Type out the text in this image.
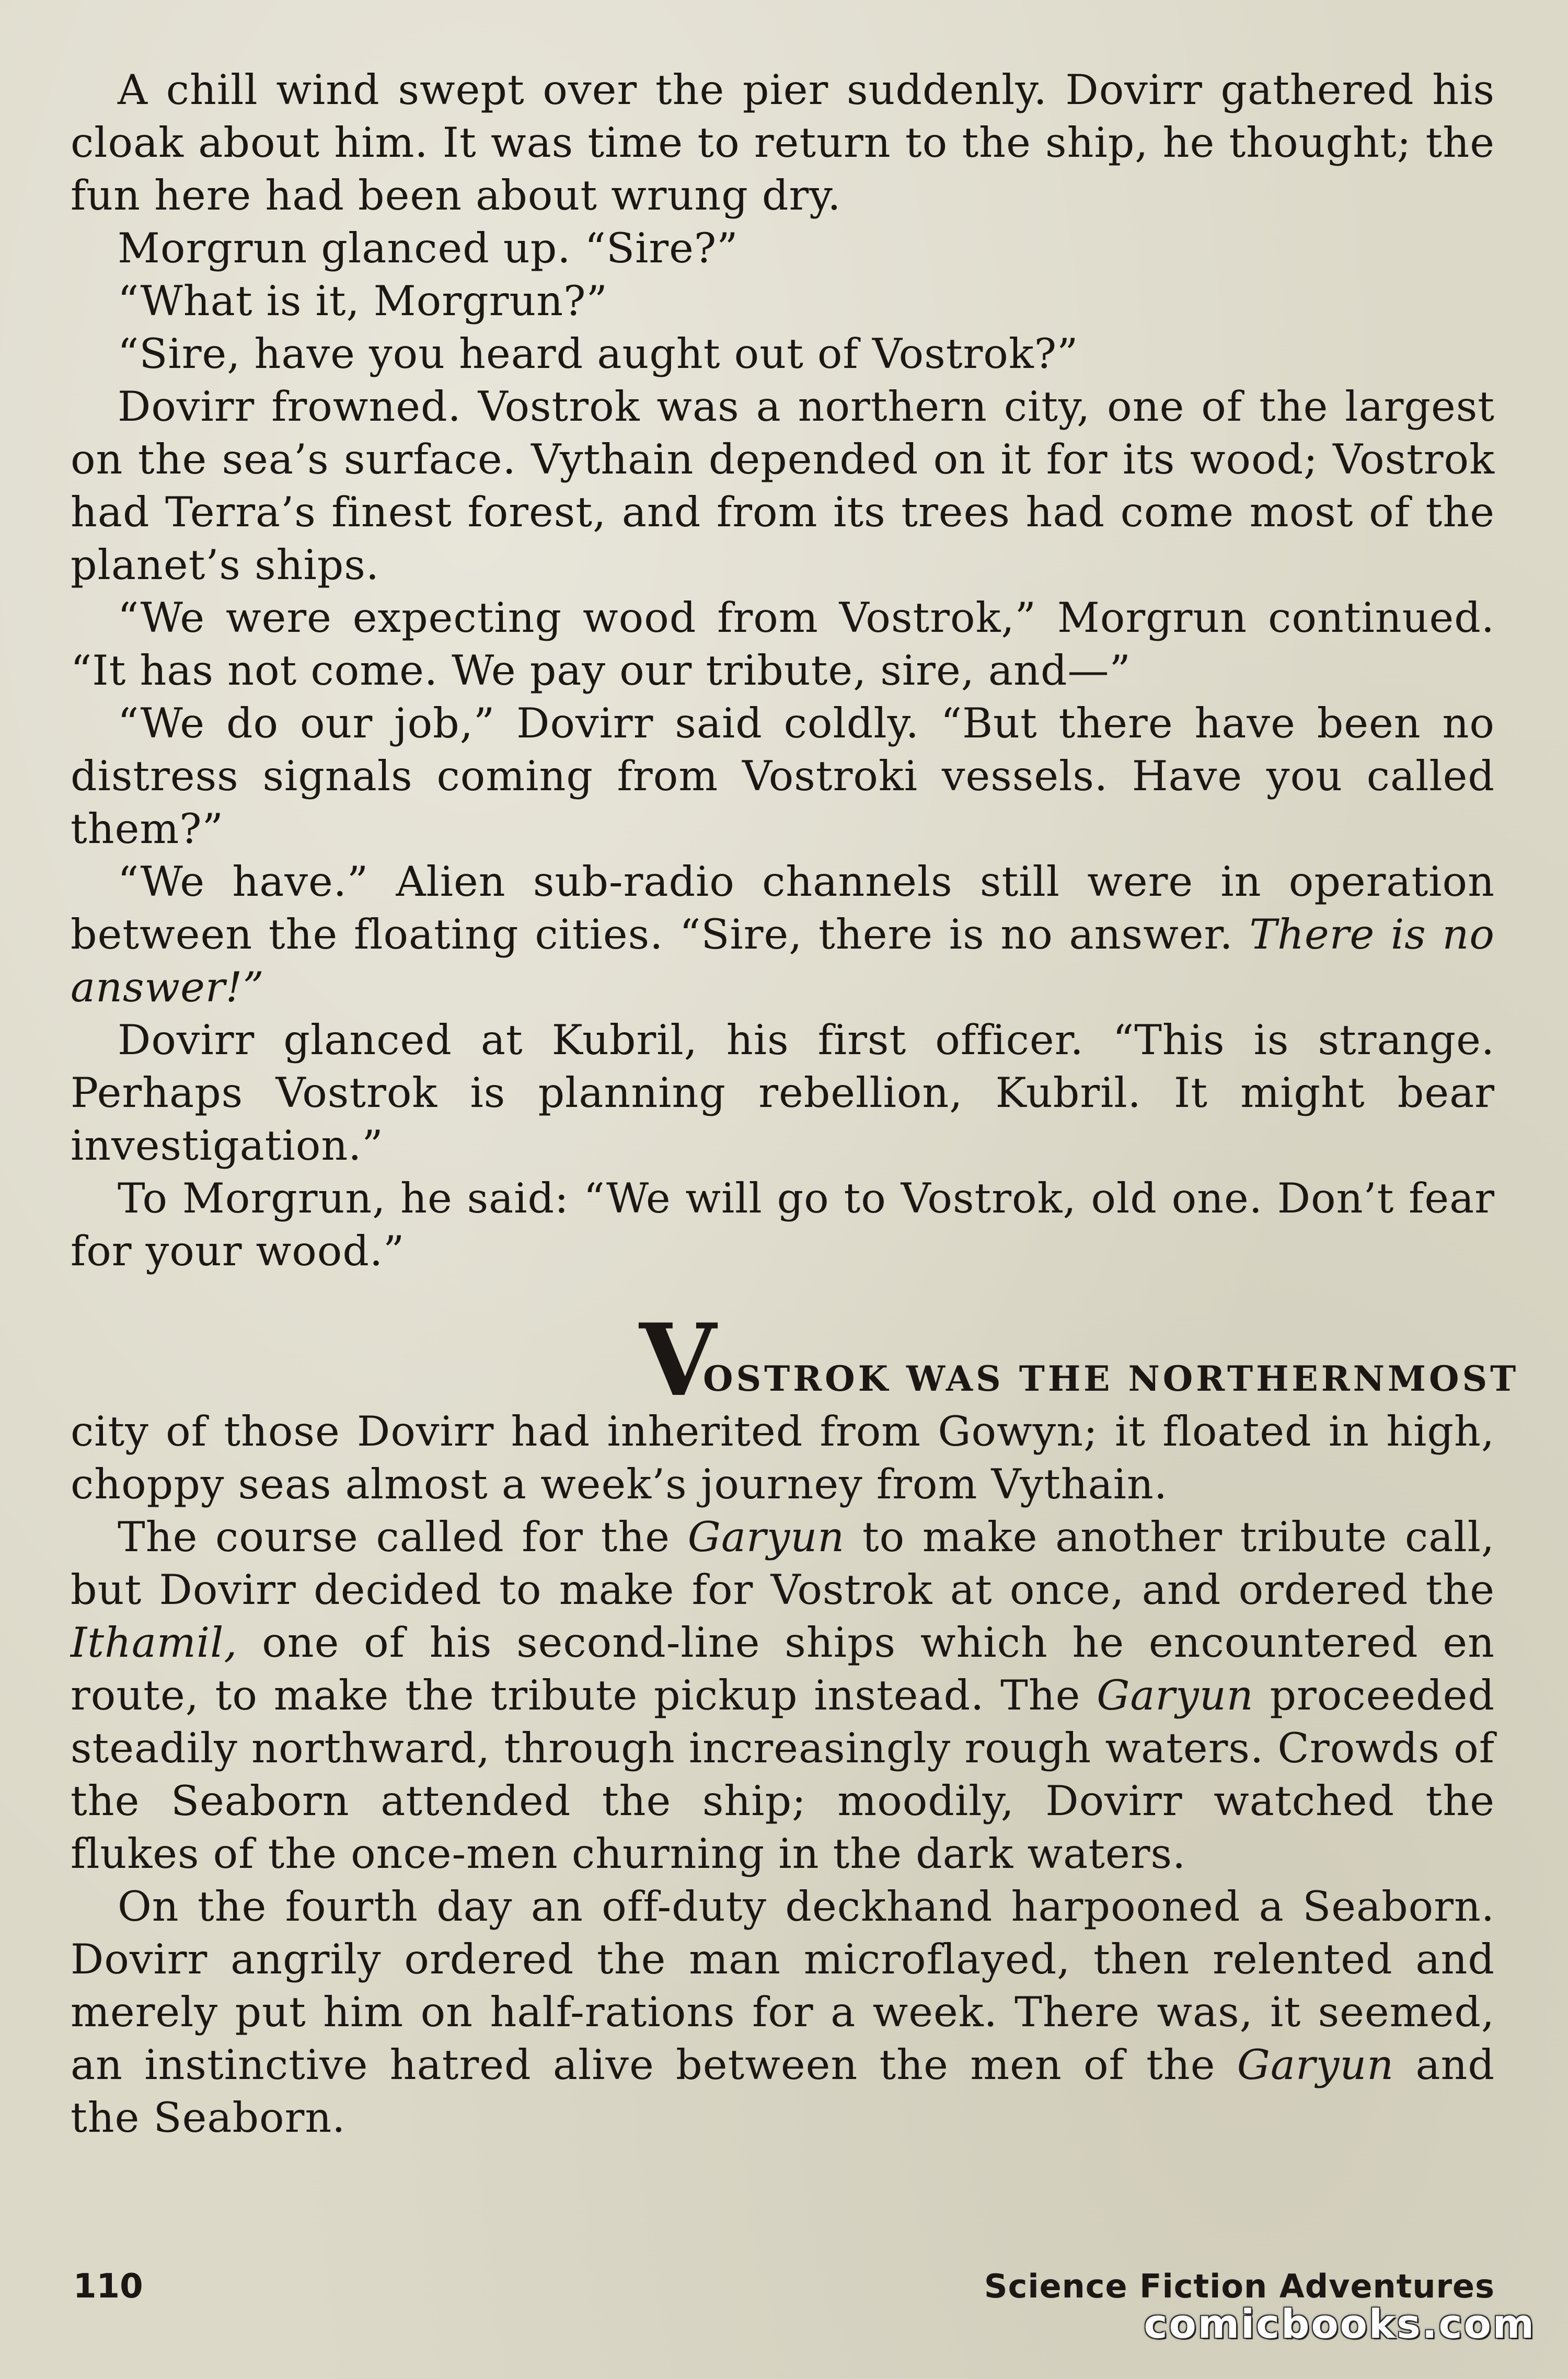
A chill wind swept over the pier suddenly. Dovirr gathered his cloak about him. It was time to return to the ship, he thought; the fun here had been about wrung dry.

Morgrun glanced up. “Sire?”

“What is it, Morgrun?”

“Sire, have you heard aught out of Vostrok?”

Dovirr frowned. Vostrok was a northern city, one of the largest on the sea’s surface. Vythain depended on it for its wood; Vostrok had Terra’s finest forest, and from its trees had come most of the planet’s ships.

“We were expecting wood from Vostrok,” Morgrun continued. “It has not come. We pay our tribute, sire, and—”

“We do our job,” Dovirr said coldly. “But there have been no distress signals coming from Vostroki vessels. Have you called them?”

“We have.” Alien sub-radio channels still were in operation between the floating cities. “Sire, there is no answer. There is no answer!”

Dovirr glanced at Kubril, his first officer. “This is strange. Perhaps Vostrok is planning rebellion, Kubril. It might bear investigation.”

To Morgrun, he said: “We will go to Vostrok, old one. Don’t fear for your wood.”

V
OSTROK WAS THE NORTHERNMOST

city of those Dovirr had inherited from Gowyn; it floated in high, choppy seas almost a week’s journey from Vythain.

The course called for the Garyun to make another tribute call, but Dovirr decided to make for Vostrok at once, and ordered the Ithamil, one of his second-line ships which he encountered en route, to make the tribute pickup instead. The Garyun proceeded steadily northward, through increasingly rough waters. Crowds of the Seaborn attended the ship; moodily, Dovirr watched the flukes of the once-men churning in the dark waters.

On the fourth day an off-duty deckhand harpooned a Seaborn. Dovirr angrily ordered the man microflayed, then relented and merely put him on half-rations for a week. There was, it seemed, an instinctive hatred alive between the men of the Garyun and the Seaborn.

110	Science Fiction Adventures
comicbooks.com
